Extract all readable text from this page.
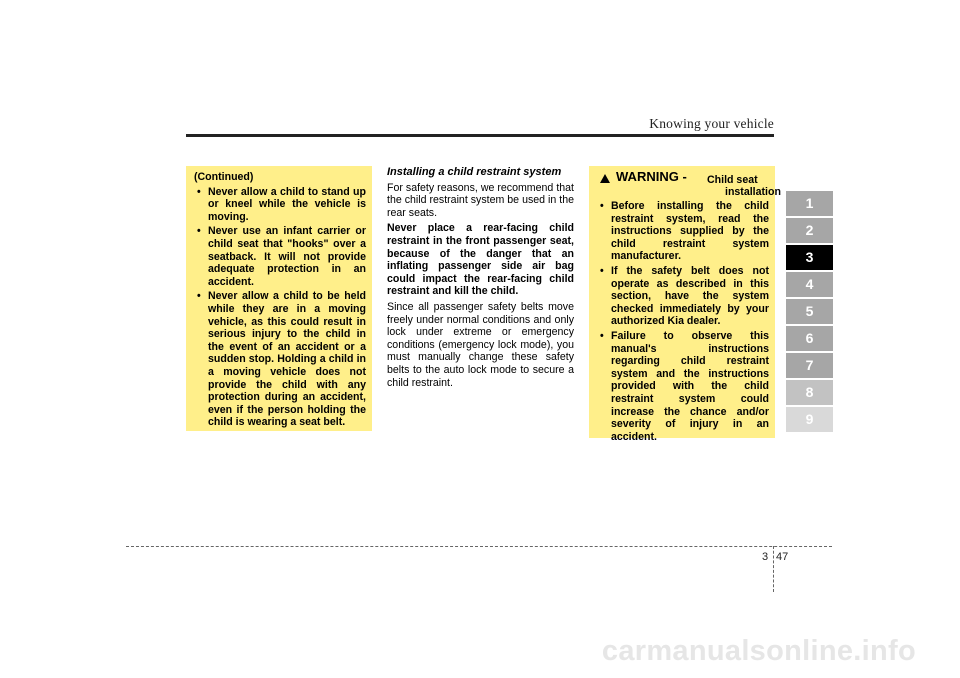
Knowing your vehicle
(Continued)
• Never allow a child to stand up or kneel while the vehicle is moving.
• Never use an infant carrier or child seat that "hooks" over a seatback. It will not provide adequate protection in an accident.
• Never allow a child to be held while they are in a moving vehicle, as this could result in serious injury to the child in the event of an accident or a sudden stop. Holding a child in a moving vehicle does not provide the child with any protection during an accident, even if the person holding the child is wearing a seat belt.
Installing a child restraint system

For safety reasons, we recommend that the child restraint system be used in the rear seats.

Never place a rear-facing child restraint in the front passenger seat, because of the danger that an inflating passenger side air bag could impact the rear-facing child restraint and kill the child.

Since all passenger safety belts move freely under normal conditions and only lock under extreme or emergency conditions (emergency lock mode), you must manually change these safety belts to the auto lock mode to secure a child restraint.

WARNING - Child seat
installation
• Before installing the child restraint system, read the instructions supplied by the child restraint system manufacturer.
• If the safety belt does not operate as described in this section, have the system checked immediately by your authorized Kia dealer.
• Failure to observe this manual's instructions regarding child restraint system and the instructions provided with the child restraint system could increase the chance and/or severity of injury in an accident.
1
2
3
4
5
6
7
8
9
3 47
carmanualsonline.info
